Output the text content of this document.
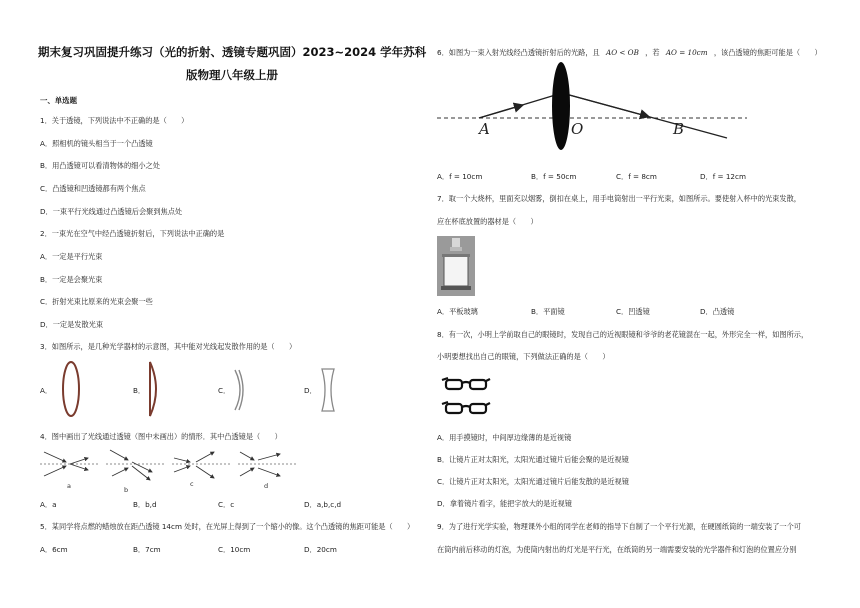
期末复习巩固提升练习（光的折射、透镜专题巩固）2023~2024 学年苏科
版物理八年级上册
一、单选题
1．关于透镜，下列说法中不正确的是（　　）
A．照相机的镜头相当于一个凸透镜
B．用凸透镜可以看清物体的细小之处
C．凸透镜和凹透镜都有两个焦点
D．一束平行光线通过凸透镜后会聚到焦点处
2．一束光在空气中经凸透镜折射后，下列说法中正确的是
A．一定是平行光束
B．一定是会聚光束
C．折射光束比原来的光束会聚一些
D．一定是发散光束
3．如图所示，是几种光学器材的示意图，其中能对光线起发散作用的是（　　）
A．	B．	C．	D．
4．图中画出了光线通过透镜（图中未画出）的情形．其中凸透镜是（　　）
a	b
c	d
A．a	B．b,d	C．c	D．a,b,c,d
5．某同学将点燃的蜡烛放在距凸透镜 14cm 处时，在光屏上得到了一个缩小的像。这个凸透镜的焦距可能是（　　）
A．6cm	B．7cm	C．10cm	D．20cm
6．如图为一束入射光线经凸透镜折射后的光路，且 AO < OB ，若 AO = 10cm ，该凸透镜的焦距可能是（　　）
A	O	B
A．f = 10cm	B．f = 50cm	C．f = 8cm	D．f = 12cm
7．取一个大烧杯，里面充以烟雾，倒扣在桌上，用手电筒射出一平行光束，如图所示。要使射入杯中的光束发散，
应在杯底放置的器材是（　　）
A．平板玻璃	B．平面镜	C．凹透镜	D．凸透镜
8．有一次，小明上学前取自己的眼镜时，发现自己的近视眼镜和爷爷的老花镜混在一起，外形完全一样，如图所示，
小明要想找出自己的眼镜，下列做法正确的是（　　）
A．用手摸镜时，中间厚边缘薄的是近视镜
B．让镜片正对太阳光，太阳光通过镜片后能会聚的是近视镜
C．让镜片正对太阳光，太阳光通过镜片后能发散的是近视镜
D．拿着镜片看字，能把字放大的是近视镜
9．为了进行光学实验，物理课外小组的同学在老师的指导下自制了一个平行光源，在硬圆纸筒的一端安装了一个可
在筒内前后移动的灯泡，为使筒内射出的灯光是平行光，在纸筒的另一端需要安装的光学器件和灯泡的位置应分别
